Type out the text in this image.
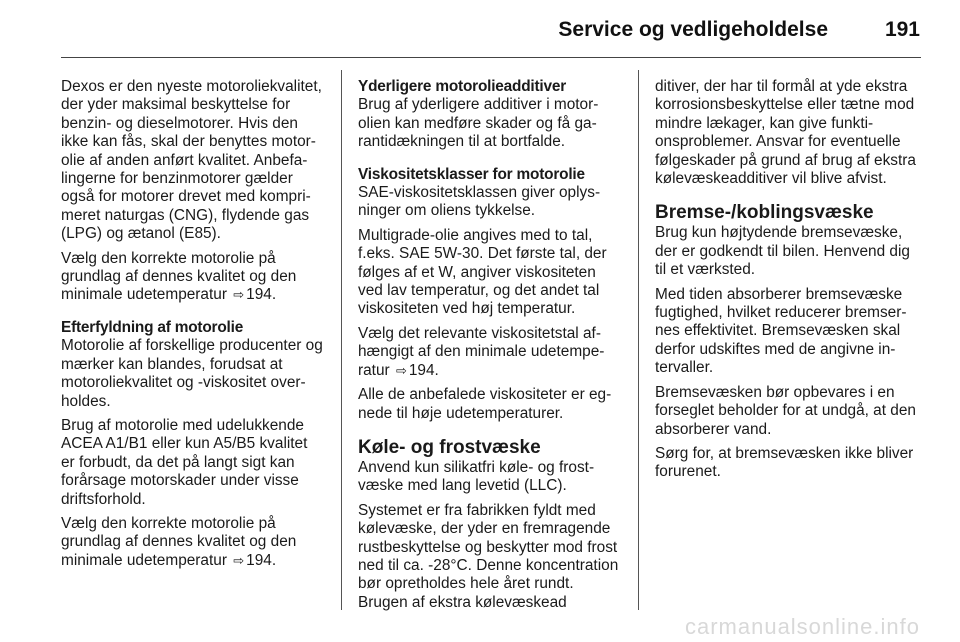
Service og vedligeholdelse	191

Dexos er den nyeste motoroliekvalitet, der yder maksimal beskyttelse for benzin- og dieselmotorer. Hvis den ikke kan fås, skal der benyttes motorolie af anden anført kvalitet. Anbefalingerne for benzinmotorer gælder også for motorer drevet med komprimeret naturgas (CNG), flydende gas (LPG) og ætanol (E85).

Vælg den korrekte motorolie på grundlag af dennes kvalitet og den minimale udetemperatur ⇨ 194.

Efterfyldning af motorolie

Motorolie af forskellige producenter og mærker kan blandes, forudsat at motoroliekvalitet og -viskositet overholdes.

Brug af motorolie med udelukkende ACEA A1/B1 eller kun A5/B5 kvalitet er forbudt, da det på langt sigt kan forårsage motorskader under visse driftsforhold.

Vælg den korrekte motorolie på grundlag af dennes kvalitet og den minimale udetemperatur ⇨ 194.

Yderligere motorolieadditiver

Brug af yderligere additiver i motorolien kan medføre skader og få garantidækningen til at bortfalde.

Viskositetsklasser for motorolie

SAE-viskositetsklassen giver oplysninger om oliens tykkelse.

Multigrade-olie angives med to tal, f.eks. SAE 5W-30. Det første tal, der følges af et W, angiver viskositeten ved lav temperatur, og det andet tal viskositeten ved høj temperatur.

Vælg det relevante viskositetstal afhængigt af den minimale udetemperatur ⇨ 194.

Alle de anbefalede viskositeter er egnede til høje udetemperaturer.

Køle- og frostvæske

Anvend kun silikatfri køle- og frostvæske med lang levetid (LLC).

Systemet er fra fabrikken fyldt med kølevæske, der yder en fremragende rustbeskyttelse og beskytter mod frost ned til ca. -28°C. Denne koncentration bør opretholdes hele året rundt. Brugen af ekstra kølevæskead

ditiver, der har til formål at yde ekstra korrosionsbeskyttelse eller tætne mod mindre lækager, kan give funktionsproblemer. Ansvar for eventuelle følgeskader på grund af brug af ekstra kølevæskeadditiver vil blive afvist.

Bremse-/koblingsvæske

Brug kun højtydende bremsevæske, der er godkendt til bilen. Henvend dig til et værksted.

Med tiden absorberer bremsevæske fugtighed, hvilket reducerer bremsernes effektivitet. Bremsevæsken skal derfor udskiftes med de angivne intervaller.

Bremsevæsken bør opbevares i en forseglet beholder for at undgå, at den absorberer vand.

Sørg for, at bremsevæsken ikke bliver forurenet.

carmanualsonline.info
